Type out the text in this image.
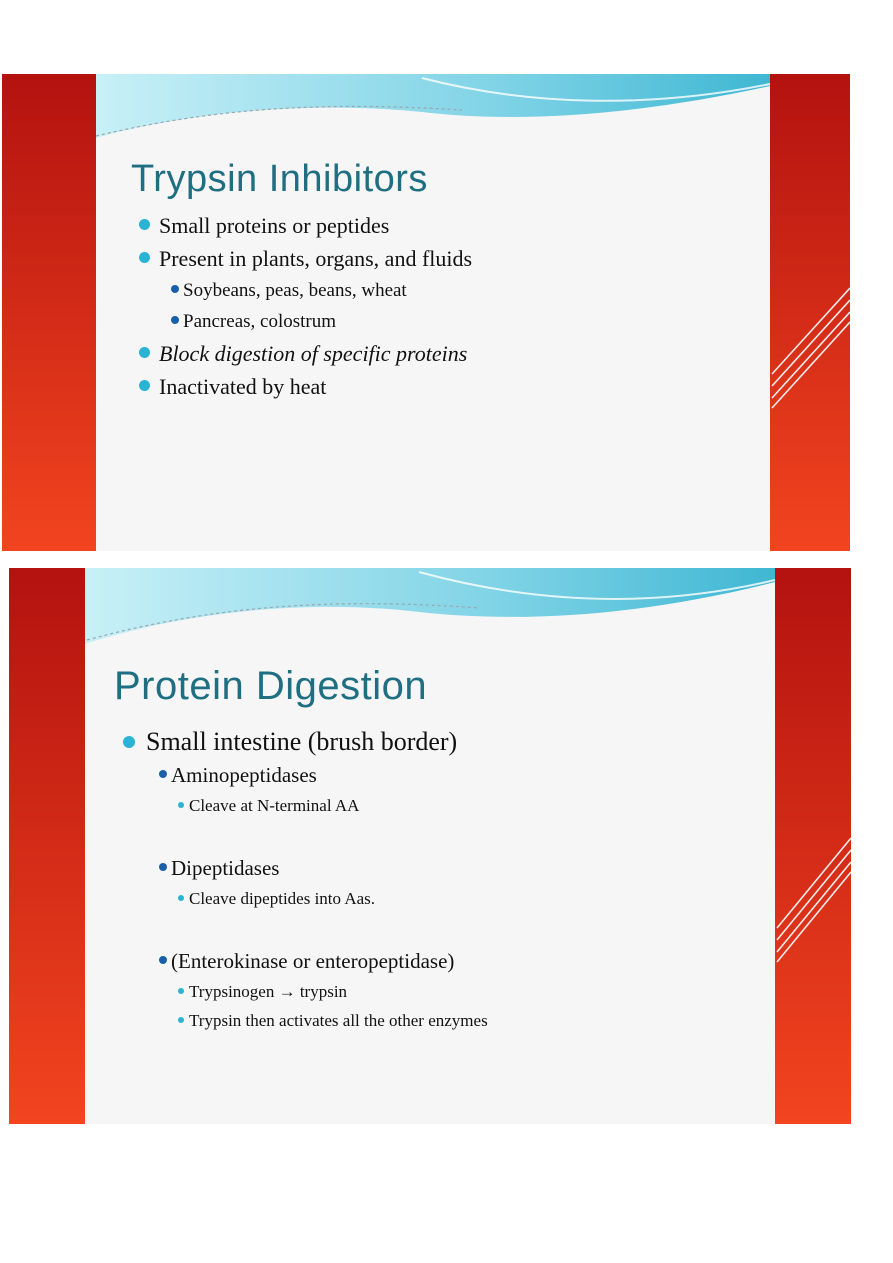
Trypsin Inhibitors
Small proteins or peptides
Present in plants, organs, and fluids
Soybeans, peas, beans, wheat
Pancreas, colostrum
Block digestion of specific proteins
Inactivated by heat
Protein Digestion
Small intestine (brush border)
Aminopeptidases
Cleave at N-terminal AA
Dipeptidases
Cleave dipeptides into Aas.
(Enterokinase or enteropeptidase)
Trypsinogen → trypsin
Trypsin then activates all the other enzymes
